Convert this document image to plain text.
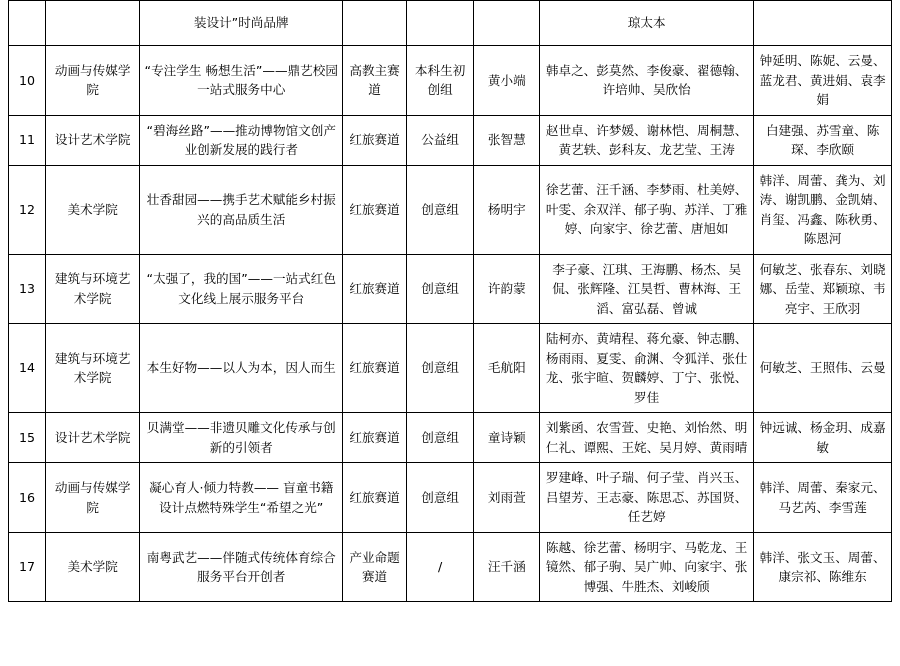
		装设计”时尚品牌				琼太本	
10	动画与传媒学院	“专注学生 畅想生活”——鼎艺校园一站式服务中心	高教主赛道	本科生初创组	黄小端	韩卓之、彭莫然、李俊豪、翟德翰、许培帅、吴欣怡	钟延明、陈妮、云曼、蓝龙君、黄进娟、袁李娟
11	设计艺术学院	“碧海丝路”——推动博物馆文创产业创新发展的践行者	红旅赛道	公益组	张智慧	赵世卓、许梦媛、谢林恺、周桐慧、黄艺轶、彭科友、龙艺莹、王涛	白建强、苏雪童、陈琛、李欣颐
12	美术学院	壮香甜园——携手艺术赋能乡村振兴的高品质生活	红旅赛道	创意组	杨明宇	徐艺蕾、汪千涵、李梦雨、杜美婷、叶雯、余双洋、郁子驹、苏洋、丁雅婷、向家宇、徐艺蕾、唐旭如	韩洋、周蕾、龚为、刘涛、谢凯鹏、金凯婧、肖玺、冯鑫、陈秋勇、陈恩河
13	建筑与环境艺术学院	“太强了，我的国”——一站式红色文化线上展示服务平台	红旅赛道	创意组	许韵蒙	李子豪、江琪、王海鹏、杨杰、吴侃、张辉隆、江昊哲、曹林海、王滔、富弘磊、曾诚	何敏芝、张春东、刘晓娜、岳莹、郑颖琼、韦亮宇、王欣羽
14	建筑与环境艺术学院	本生好物——以人为本，因人而生	红旅赛道	创意组	毛航阳	陆柯亦、黄靖程、蒋允豪、钟志鹏、杨雨雨、夏雯、俞渊、令狐洋、张仕龙、张宇暄、贺麟婷、丁宁、张悦、罗佳	何敏芝、王照伟、云曼
15	设计艺术学院	贝满堂——非遗贝雕文化传承与创新的引领者	红旅赛道	创意组	童诗颖	刘紫函、农雪萱、史艳、刘怡然、明仁礼、谭熙、王姹、吴月婷、黄雨晴	钟远诚、杨金玥、成嘉敏
16	动画与传媒学院	凝心育人·倾力特教—— 盲童书籍设计点燃特殊学生“希望之光”	红旅赛道	创意组	刘雨萱	罗建峰、叶子瑞、何子莹、肖兴玉、吕望芳、王志豪、陈思忑、苏国贤、任艺婷	韩洋、周蕾、秦家元、马艺芮、李雪莲
17	美术学院	南粤武艺——伴随式传统体育综合服务平台开创者	产业命题赛道	/	汪千涵	陈越、徐艺蕾、杨明宇、马乾龙、王镜然、郁子驹、吴广帅、向家宇、张博强、牛胜杰、刘峻颀	韩洋、张文玉、周蕾、康宗祁、陈维东
